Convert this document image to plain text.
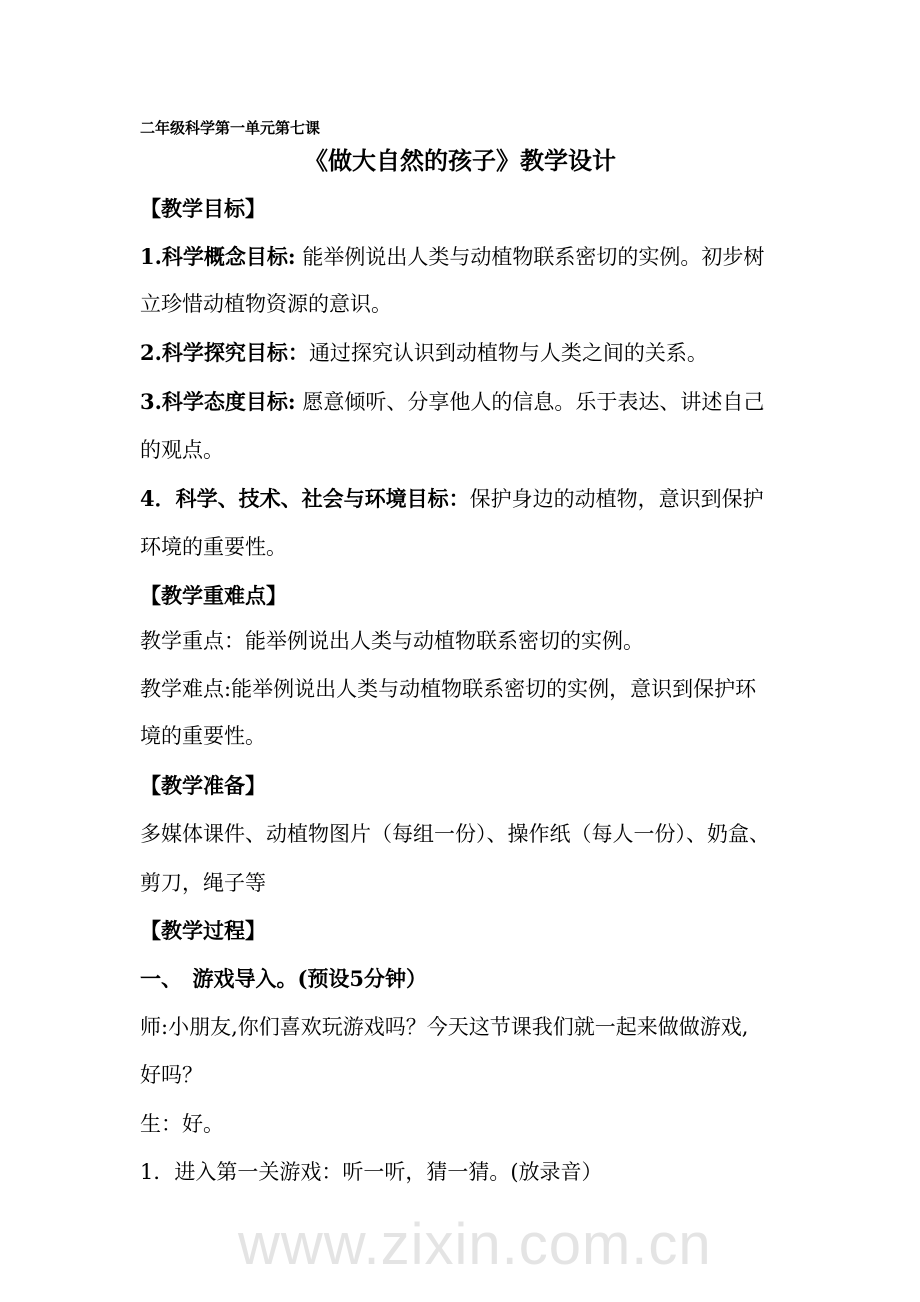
二年级科学第一单元第七课
《做大自然的孩子》教学设计
【教学目标】
1.科学概念目标: 能举例说出人类与动植物联系密切的实例。初步树
立珍惜动植物资源的意识。
2.科学探究目标：通过探究认识到动植物与人类之间的关系。
3.科学态度目标: 愿意倾听、分享他人的信息。乐于表达、讲述自己
的观点。
4．科学、技术、社会与环境目标：保护身边的动植物，意识到保护
环境的重要性。
【教学重难点】
教学重点：能举例说出人类与动植物联系密切的实例。
教学难点:能举例说出人类与动植物联系密切的实例，意识到保护环
境的重要性。
【教学准备】
多媒体课件、动植物图片（每组一份）、操作纸（每人一份）、奶盒、
剪刀，绳子等
【教学过程】
一、　游戏导入。(预设5分钟）
师:小朋友,你们喜欢玩游戏吗？今天这节课我们就一起来做做游戏,
好吗？
生：好。
1．进入第一关游戏：听一听，猜一猜。(放录音）
www.zixin.com.cn
